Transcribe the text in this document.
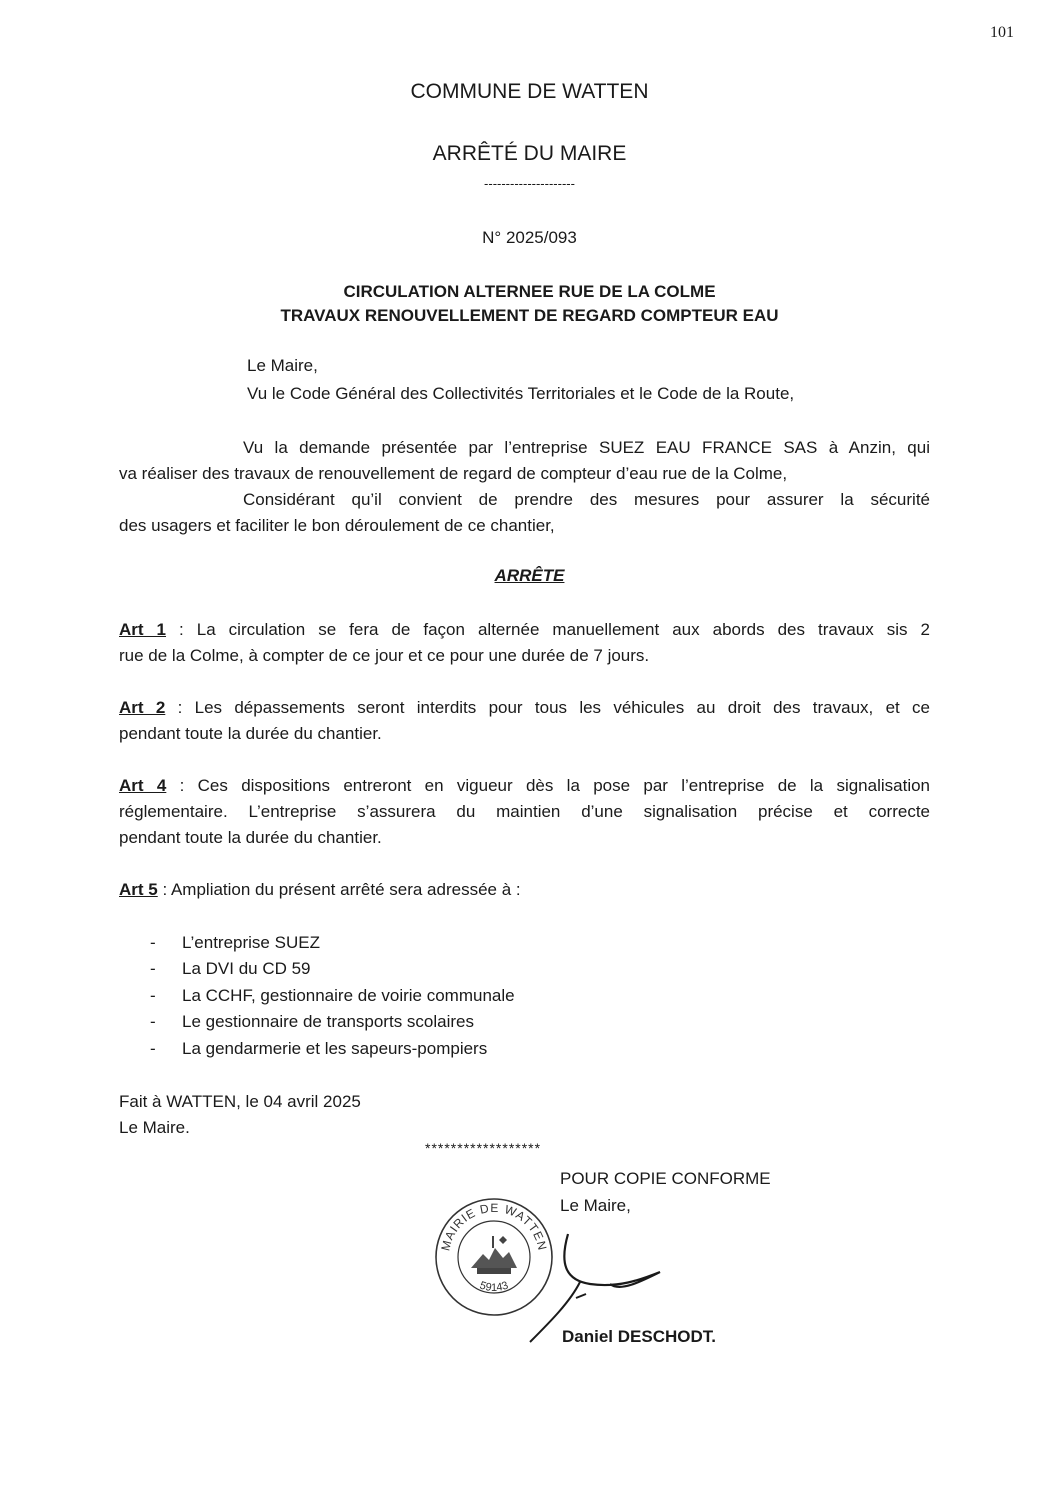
101
COMMUNE DE WATTEN
ARRÊTÉ DU MAIRE
---------------------
N° 2025/093
CIRCULATION ALTERNEE RUE DE LA COLME
TRAVAUX RENOUVELLEMENT DE REGARD COMPTEUR EAU
Le Maire,
Vu le Code Général des Collectivités Territoriales et le Code de la Route,
Vu la demande présentée par l’entreprise SUEZ EAU FRANCE SAS à Anzin, qui
va réaliser des travaux de renouvellement de regard de compteur d’eau rue de la Colme,
Considérant qu’il convient de prendre des mesures pour assurer la sécurité
des usagers et faciliter le bon déroulement de ce chantier,
ARRÊTE
Art 1 : La circulation se fera de façon alternée manuellement aux abords des travaux sis 2
rue de la Colme, à compter de ce jour et ce pour une durée de 7 jours.
Art 2 : Les dépassements seront interdits pour tous les véhicules au droit des travaux, et ce
pendant toute la durée du chantier.
Art 4 : Ces dispositions entreront en vigueur dès la pose par l’entreprise de la signalisation
réglementaire. L’entreprise s’assurera du maintien d’une signalisation précise et correcte
pendant toute la durée du chantier.
Art 5 : Ampliation du présent arrêté sera adressée à :
- L’entreprise SUEZ
- La DVI du CD 59
- La CCHF, gestionnaire de voirie communale
- Le gestionnaire de transports scolaires
- La gendarmerie et les sapeurs-pompiers
Fait à WATTEN, le 04 avril 2025
Le Maire.
******************
POUR COPIE CONFORME
Le Maire,
MAIRIE DE WATTEN
59143
Daniel DESCHODT.
